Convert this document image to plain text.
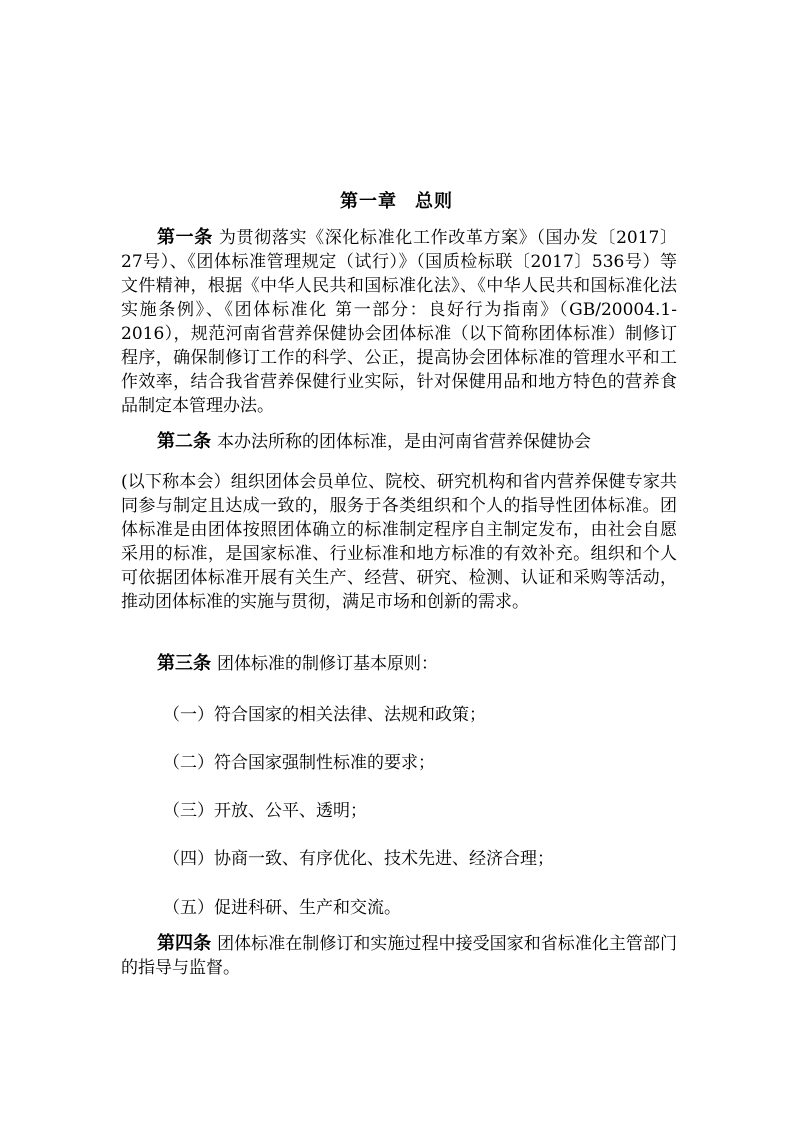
第一章 总则

第一条 为贯彻落实《深化标准化工作改革方案》（国办发〔2017〕27号）、《团体标准管理规定（试行）》（国质检标联〔2017〕536号）等文件精神，根据《中华人民共和国标准化法》、《中华人民共和国标准化法实施条例》、《团体标准化 第一部分：良好行为指南》（GB/20004.1-2016），规范河南省营养保健协会团体标准（以下简称团体标准）制修订程序，确保制修订工作的科学、公正，提高协会团体标准的管理水平和工作效率，结合我省营养保健行业实际，针对保健用品和地方特色的营养食品制定本管理办法。

第二条 本办法所称的团体标准，是由河南省营养保健协会

(以下称本会）组织团体会员单位、院校、研究机构和省内营养保健专家共同参与制定且达成一致的，服务于各类组织和个人的指导性团体标准。团体标准是由团体按照团体确立的标准制定程序自主制定发布，由社会自愿采用的标准，是国家标准、行业标准和地方标准的有效补充。组织和个人可依据团体标准开展有关生产、经营、研究、检测、认证和采购等活动，推动团体标准的实施与贯彻，满足市场和创新的需求。

第三条 团体标准的制修订基本原则：

（一）符合国家的相关法律、法规和政策；

（二）符合国家强制性标准的要求；

（三）开放、公平、透明；

（四）协商一致、有序优化、技术先进、经济合理；

（五）促进科研、生产和交流。

第四条 团体标准在制修订和实施过程中接受国家和省标准化主管部门的指导与监督。
